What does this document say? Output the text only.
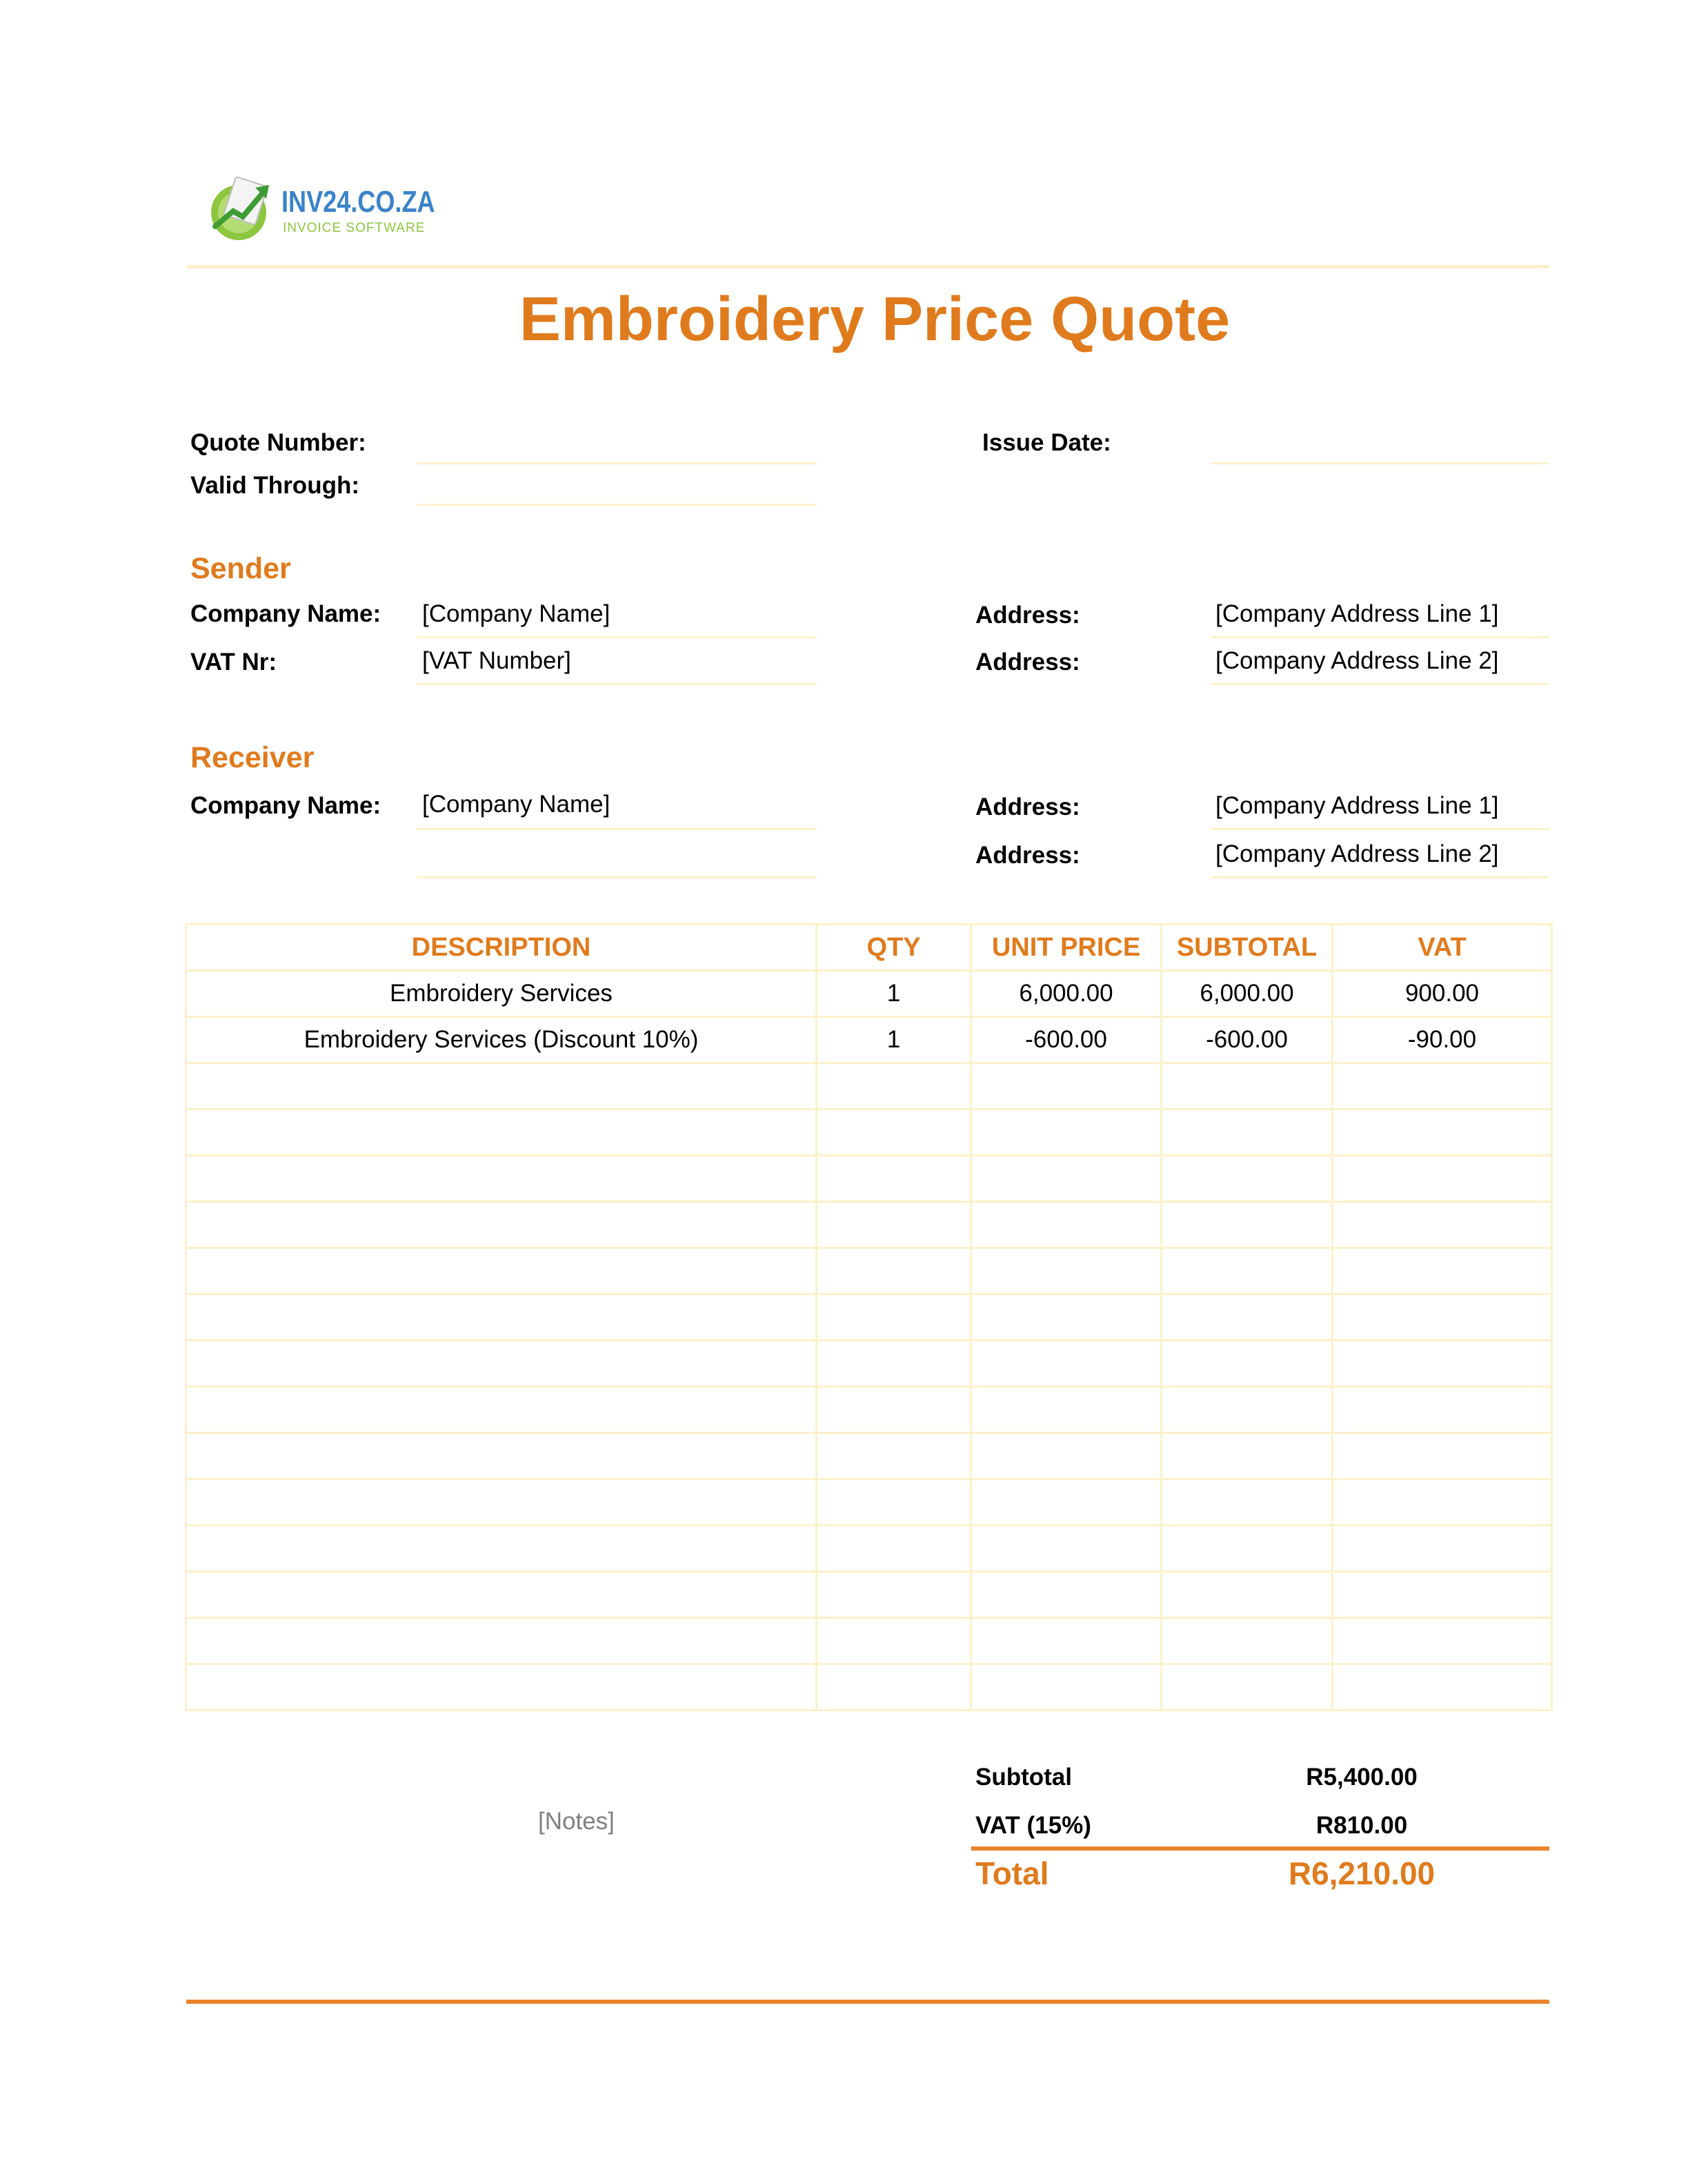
INV24.CO.ZA
INVOICE SOFTWARE
Embroidery Price Quote
Quote Number:
Valid Through:
Issue Date:
Sender
Company Name: [Company Name]
VAT Nr:	[VAT Number]
Address:	[Company Address Line 1]
Address:	[Company Address Line 2]
Receiver
Company Name: [Company Name]	Address:	[Company Address Line 1]
Address:	[Company Address Line 2]
DESCRIPTION	QTY	UNIT PRICE	SUBTOTAL	VAT
Embroidery Services	1	6,000.00	6,000.00	900.00
Embroidery Services (Discount 10%)	1	-600.00	-600.00	-90.00

Subtotal	R5,400.00
VAT (15%)	R810.00
[Notes]
Total	R6,210.00
